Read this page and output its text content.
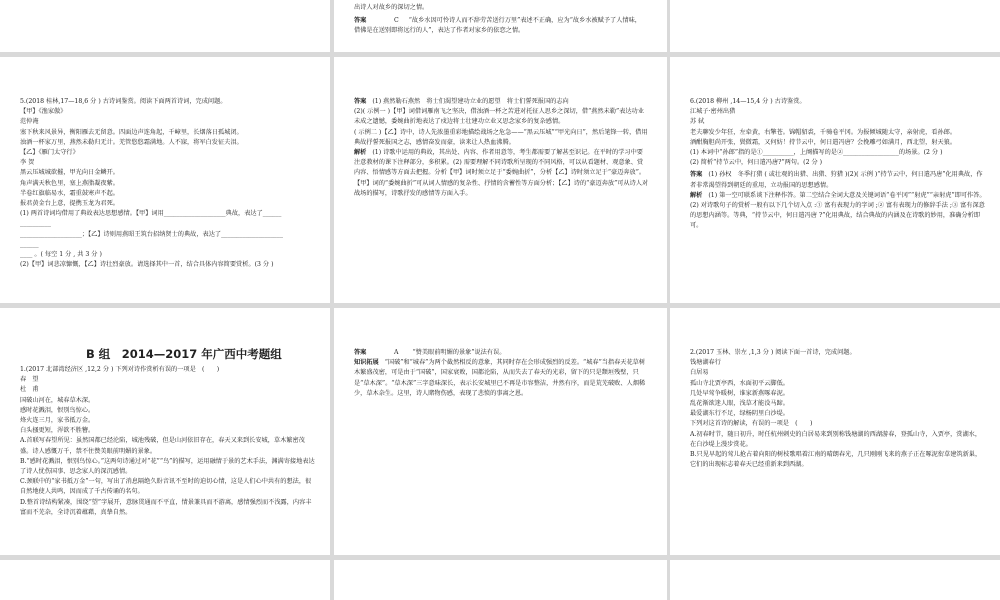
出诗人对故乡的深切之情。

答案	C “故乡水因可怜诗人而不辞劳苦送行万里”表述不正确，应为“故乡水被赋予了人情味，借佛是在送别即将远行的人”，表达了作者对家乡的依恋之情。

5.(2018 桂林,17—18,6 分 ) 古诗词鉴赏。阅读下面两首诗词，完成问题。

【甲】《渔家傲》

范仲淹

塞下秋来风景异，衡阳雁去无留意。四面边声连角起，千嶂里，长烟落日孤城闭。

浊酒一杯家万里，燕然未勒归无计。羌管悠悠霜满地。人不寐，将军白发征夫泪。

【乙】《雁门太守行》

李 贺

黑云压城城欲摧，甲光向日金鳞开。

角声满天秋色里，塞上燕脂凝夜紫。

半卷红旗临易水，霜重鼓寒声不起。

报君黄金台上意，提携玉龙为君死。

(1) 两首诗词均借用了典故表达思想感情。【甲】词用____________________典故，表达了______

__________

____________________；【乙】诗则用燕昭王筑台招纳贤士的典故，表达了____________________

______

____ 。( 每空 1 分 , 共 3 分 )

(2)【甲】词悲凉慷慨，【乙】诗壮烈豪放。请选择其中一首，结合具体内容简要赏析。(3 分 )

答案 (1) 燕然勒石燕然　将士们渴望建功立业的愿望　将士们誓死报国的志向

(2)( 示例一 )【甲】词借词雁南飞之坚决，借浊酒一杯之苦进对托征人思乡之深切，借“燕然未勒”表达功业未成之遗憾，委婉曲折地表达了戍边将士壮建功立业又思念家乡的复杂感情。

( 示例二 )【乙】诗中，诗人先浓墨重彩地描绘战场之危急——“黑云压城”“甲光向日”，然后笔锋一转，借用典故抒誓死报国之志，感情奋发而豪，读来让人热血沸腾。

解析 (1) 诗歌中运用的典故，其出处、内容、作者用意等，考生都需要了解甚至识记。在平时的学习中要注意教材的课下注释部分，多积累。(2) 需要理解不同诗歌所呈现的不同风格，可以从看题材、观意象、赏内容、悟情感等方面去把握。分析【甲】词时须立足于“委婉曲折”，分析【乙】诗时须立足于“豪迈奔放”。【甲】词的“委婉曲折”可从词人情感的复杂性、抒情的含蓄性等方面分析；【乙】诗的“豪迈奔放”可从诗人对战场的描写，诗歌抒发的感情等方面入手。

6.(2018 柳州 ,14—15,4 分 ) 古诗鉴赏。

江城子·密州出猎

苏 轼

老夫聊发少年狂，左牵黄，右擎苍。锦帽貂裘，千骑卷平冈。为报倾城随太守，亲射虎，看孙郎。

酒酣胸胆尚开张，鬓微霜，又何妨！持节云中，何日遣冯唐？会挽雕弓如满月，西北望，射天狼。

(1) 本词中“孙郎”指的是①__________，上阕描写的是②__________________的场景。(2 分 )

(2) 简析“持节云中，何日遣冯唐?”两句。(2 分 )

答案 (1) 孙权　冬季打猎 ( 或壮观的出猎、出猎、狩猎 )(2)( 示例 )“持节云中，何日遣冯唐”化用典故，作者非常渴望得到朝廷的重用，立功报国的思想感情。

解析 (1) 第一空可联系谈下注释作答。第二空结合全词大意及关键词语“卷平冈”“射虎”“亲射虎”即可作答。(2) 对诗歌句子的赏析一般有以下几个切入点 :① 富有表现力的字词 ;② 富有表现力的修辞手法 ;③ 富有深意的思想内涵等。等典，“持节云中，何日遣冯唐 ?”化用典故，结合典故的内涵及在诗歌的妙用，准确分析即可。

B 组　2014—2017 年广西中考题组

1.(2017 北部湾经济区 ,12,2 分 ) 下列对诗作赏析有误的一项是　(　　)

春　望

杜　甫

国破山河在，城春草木深。

感时花溅泪，恨别鸟惊心。

烽火连三月，家书抵万金。

白头搔更短，浑欲不胜簪。

A.首联写春望所见：虽然国都已经沦陷，城池残破，但是山河依旧存在，春天又来到长安城，草木繁密茂盛。诗人感慨万千，禁不住赞美眼前明媚的景象。

B.“感时花溅泪，恨别鸟惊心。”这两句诗通过对“花”“鸟”的描写，运用融情于景的艺术手法，渊满寄接地表达了诗人忧伤国事、思念家人的深沉感情。

C.颈联中的“家书抵万金”一句，写出了消息隔绝久盼音讯不至时的迫切心情，这是人们心中共有的想法，很自然地使人共鸣，因而成了千古传诵的名句。

D.整首诗结构紧凑，围绕“望”字展开，意脉贯通而不平直，情景兼具而不游离，感情强烈而不浅露，内容丰富而不芜杂，全诗沉着蕴藉，真挚自然。

答案	A “赞美眼前明媚的景象”说法有误。

知识拓展 “国破”和“城春”为两个截然相反的意象，其同时存在会形成强烈的反差。“城春”当指春天花草树木繁盛茂密，可是由于“国破”，国家衰败，国都沦陷，从而失去了春天的光彩，留下的只是颓垣残壁，只是“草木深”。“草木深”三字意味深长，表示长安城里已不再是市容整洁，井然有序，而是荒芜破败、人烟稀少，草木杂生。这里，诗人睹物伤感，表现了悲愤的事离之恩。

2.(2017 玉林、崇左 ,1,3 分 ) 阅读下面一首诗，完成问题。

钱塘湖春行

白居易

孤山寺北贾亭西，水面初平云脚低。

几处早莺争暖树，谁家新燕啄春泥。

乱花渐欲迷人眼，浅草才能没马蹄。

最爱湖东行不足，绿杨阴里白沙堤。

下列对这首诗的解读，有误的一项是　(　　)

A.初春时节，随日初升，时任杭州刺史的白居易来到别称钱塘湖的西湖游春，登孤山寺，入贾亭，赏湖水，在白沙堤上漫步赏花。

B.只见早起的莺儿抢占着向阳的树枝歌唱着江南的晴朗春光，几只刚刚飞来的燕子正在啄泥衔草建筑新巢，它们的出现标志着春天已经重新来到西湖。
